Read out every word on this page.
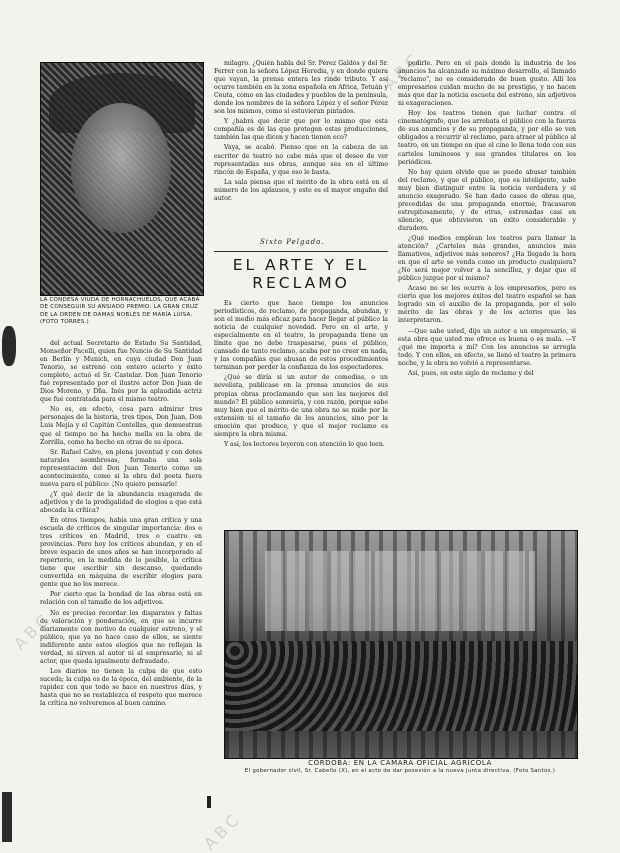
ABC
ABC
ABC
LA CONDESA VIUDA DE HORNACHUELOS, QUE ACABA DE CONSEGUIR SU ANSIADO PREMIO: LA GRAN CRUZ DE LA ORDEN DE DAMAS NOBLES DE MARÍA LUISA. (FOTO TORRES.)

del actual Secretario de Estado Su Santidad, Monseñor Pacelli, quien fue Nuncio de Su Santidad en Berlín y Munich, en cuya ciudad Don Juan Tenorio, se estrenó con entero acierto y éxito completo, actuó el Sr. Castelar. Don Juan Tenorio fué representado por el ilustre actor Don Juan de Dios Moreno, y Dña. Inés por la aplaudida actriz que fué contratada para el mismo teatro.

No es, en efecto, cosa para admirar tres personajes de la historia, tres tipos, Don Juan, Don Luis Mejía y el Capitán Centellas, que demuestran que el tiempo no ha hecho mella en la obra de Zorrilla, como ha hecho en otras de su época.

Sr. Rafael Calvo, en plena juventud y con dotes naturales asombrosas, formaba una sola representación del Don Juan Tenorio como un acontecimiento, como si la obra del poeta fuera nueva para el público: ¡No quiero pensarlo!

¿Y qué decir de la abundancia exagerada de adjetivos y de la prodigalidad de elogios a que está abocada la crítica?

En otros tiempos, había una gran crítica y una escuela de críticos de singular importancia: dos o tres críticos en Madrid, tres o cuatro en provincias. Pero hoy los críticos abundan, y en el breve espacio de unos años se han incorporado al repertorio, en la medida de lo posible, la crítica tiene que escribir sin descanso, quedando convertida en máquina de escribir elogios para gente que no los merece.

Por cierto que la bondad de las obras está en relación con el tamaño de los adjetivos.

No es preciso recordar los disparates y faltas de valoración y ponderación, en que se incurre diariamente con motivo de cualquier estreno, y el público, que ya no hace caso de ellos, se siente indiferente ante estos elogios que no reflejan la verdad, ni sirven al autor ni al empresario, ni al actor, que queda igualmente defraudado.

Los diarios no tienen la culpa de que esto suceda; la culpa es de la época, del ambiente, de la rapidez con que todo se hace en nuestros días, y hasta que no se restablezca el respeto que merece la crítica no volveremos al buen camino.

milagro. ¿Quién habla del Sr. Pérez Galdós y del Sr. Ferrer con la señora López Heredia, y en donde quiera que vayan, la prensa entera les rinde tributo. Y así ocurre también en la zona española en Africa, Tetuán y Ceuta, como en las ciudades y pueblos de la península, donde los nombres de la señora López y el señor Pérez son los mismos, como si estuvieran pintados.

Y ¿habrá que decir que por lo mismo que esta compañía es de las que protegen estas producciones, también las que dicen y hacen tienen eco?

Vaya, se acabó. Pienso que en la cabeza de un escritor de teatro no cabe más que el deseo de ver representadas sus obras, aunque sea en el último rincón de España, y que eso le basta.

La sala piensa que el mérito de la obra está en el número de los aplausos, y este es el mayor engaño del autor.

Sixto Pelgado.
EL ARTE Y EL RECLAMO

Es cierto que hace tiempo los anuncios periodísticos, de reclamo, de propaganda, abundan, y son el medio más eficaz para hacer llegar al público la noticia de cualquier novedad. Pero en el arte, y especialmente en el teatro, la propaganda tiene un límite que no debe traspasarse, pues el público, cansado de tanto reclamo, acaba por no creer en nada, y las compañías que abusan de estos procedimientos terminan por perder la confianza de los espectadores.

¿Qué se diría si un autor de comedias, o un novelista, publicase en la prensa anuncios de sus propias obras proclamando que son las mejores del mundo? El público sonreiría, y con razón, porque sabe muy bien que el mérito de una obra no se mide por la extensión ni el tamaño de los anuncios, sino por la emoción que produce, y que el mejor reclamo es siempre la obra misma.

Y así, los lectores leyeron con atención lo que leen.

pedirle. Pero en el país donde la industria de los anuncios ha alcanzado su máximo desarrollo, el llamado "reclamo", no es considerado de buen gusto. Allí los empresarios cuidan mucho de su prestigio, y no hacen más que dar la noticia escueta del estreno, sin adjetivos ni exageraciones.

Hoy los teatros tienen que luchar contra el cinematógrafo, que les arrebata el público con la fuerza de sus anuncios y de su propaganda, y por ello se ven obligados a recurrir al reclamo, para atraer al público al teatro, en un tiempo en que el cine lo llena todo con sus carteles luminosos y sus grandes titulares en los periódicos.

No hay quien olvide que se puede abusar también del reclamo, y que el público, que es inteligente, sabe muy bien distinguir entre la noticia verdadera y el anuncio exagerado. Se han dado casos de obras que, precedidas de una propaganda enorme, fracasaron estrepitosamente, y de otras, estrenadas casi en silencio, que obtuvieron un éxito considerable y duradero.

¿Qué medios emplean los teatros para llamar la atención? ¿Carteles más grandes, anuncios más llamativos, adjetivos más sonoros? ¿Ha llegado la hora en que el arte se venda como un producto cualquiera? ¿No será mejor volver a la sencillez, y dejar que el público juzgue por sí mismo?

Acaso no se les ocurra a los empresarios, pero es cierto que los mejores éxitos del teatro español se han logrado sin el auxilio de la propaganda, por el solo mérito de las obras y de los actores que las interpretaron.

—Que sabe usted, dijo un autor a un empresario, si esta obra que usted me ofrece es buena o es mala. —Y ¿qué me importa a mí? Con los anuncios se arregla todo. Y con ellos, en efecto, se llenó el teatro la primera noche, y la obra no volvió a representarse.

Así, pues, en este siglo de reclamo y del

CÓRDOBA: EN LA CÁMARA OFICIAL AGRÍCOLA
El gobernador civil, Sr. Cabello (X), en el acto de dar posesión a la nueva junta directiva. (Foto Santos.)
